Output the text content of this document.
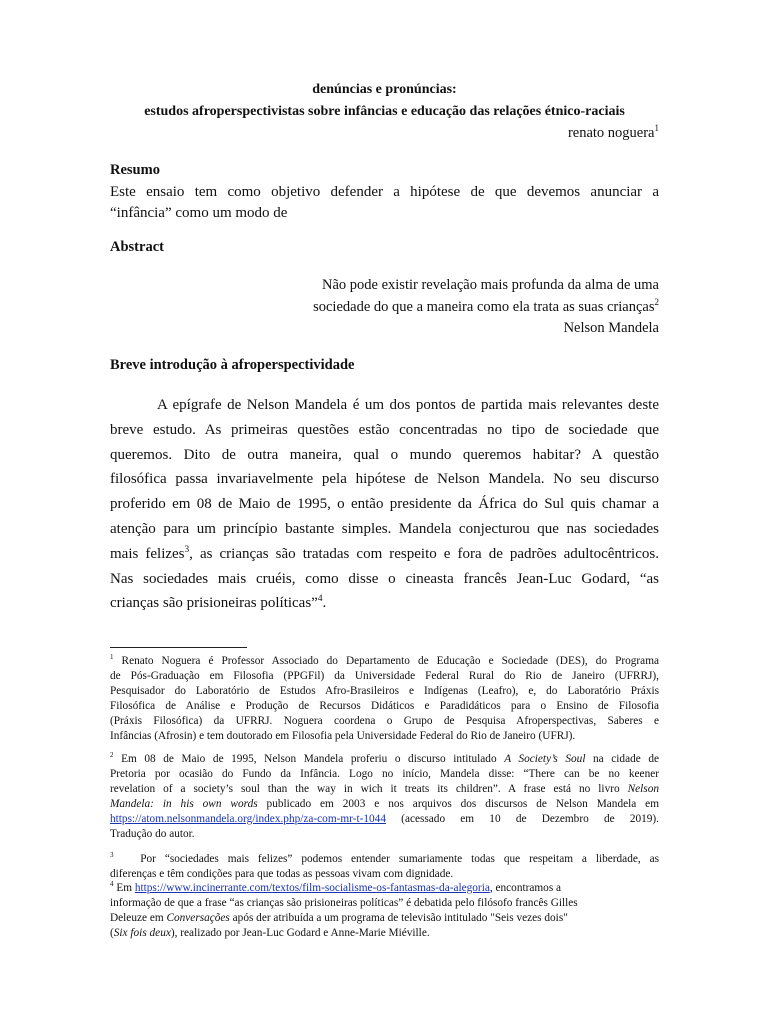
denúncias e pronúncias:
estudos afroperspectivistas sobre infâncias e educação das relações étnico-raciais
renato noguera$^1$
Resumo
Este ensaio tem como objetivo defender a hipótese de que devemos anunciar a
“infância” como um modo de
Abstract
Não pode existir revelação mais profunda da alma de uma
sociedade do que a maneira como ela trata as suas crianças$^2$
Nelson Mandela
Breve introdução à afroperspectividade
A epígrafe de Nelson Mandela é um dos pontos de partida mais relevantes deste
breve estudo. As primeiras questões estão concentradas no tipo de sociedade que
queremos. Dito de outra maneira, qual o mundo queremos habitar? A questão
filosófica passa invariavelmente pela hipótese de Nelson Mandela. No seu discurso
proferido em 08 de Maio de 1995, o então presidente da África do Sul quis chamar a
atenção para um princípio bastante simples. Mandela conjecturou que nas sociedades
mais felizes$^3$, as crianças são tratadas com respeito e fora de padrões adultocêntricos.
Nas sociedades mais cruéis, como disse o cineasta francês Jean-Luc Godard, “as
crianças são prisioneiras políticas”$^4$.
$^1$ Renato Noguera é Professor Associado do Departamento de Educação e Sociedade (DES), do Programa
de Pós-Graduação em Filosofia (PPGFil) da Universidade Federal Rural do Rio de Janeiro (UFRRJ),
Pesquisador do Laboratório de Estudos Afro-Brasileiros e Indígenas (Leafro), e, do Laboratório Práxis
Filosófica de Análise e Produção de Recursos Didáticos e Paradidáticos para o Ensino de Filosofia
(Práxis Filosófica) da UFRRJ. Noguera coordena o Grupo de Pesquisa Afroperspectivas, Saberes e
Infâncias (Afrosin) e tem doutorado em Filosofia pela Universidade Federal do Rio de Janeiro (UFRJ).
$^2$ Em 08 de Maio de 1995, Nelson Mandela proferiu o discurso intitulado A Society’s Soul na cidade de
Pretoria por ocasião do Fundo da Infância. Logo no início, Mandela disse: “There can be no keener
revelation of a society’s soul than the way in wich it treats its children”. A frase está no livro Nelson
Mandela: in his own words publicado em 2003 e nos arquivos dos discursos de Nelson Mandela em
https://atom.nelsonmandela.org/index.php/za-com-mr-t-1044 (acessado em 10 de Dezembro de 2019).
Tradução do autor.
$^3$ Por “sociedades mais felizes” podemos entender sumariamente todas que respeitam a liberdade, as
diferenças e têm condições para que todas as pessoas vivam com dignidade.
$^4$ Em https://www.incinerrante.com/textos/film-socialisme-os-fantasmas-da-alegoria, encontramos a
informação de que a frase “as crianças são prisioneiras políticas” é debatida pelo filósofo francês Gilles
Deleuze em Conversações após der atribuída a um programa de televisão intitulado "Seis vezes dois"
(Six fois deux), realizado por Jean-Luc Godard e Anne-Marie Miéville.
